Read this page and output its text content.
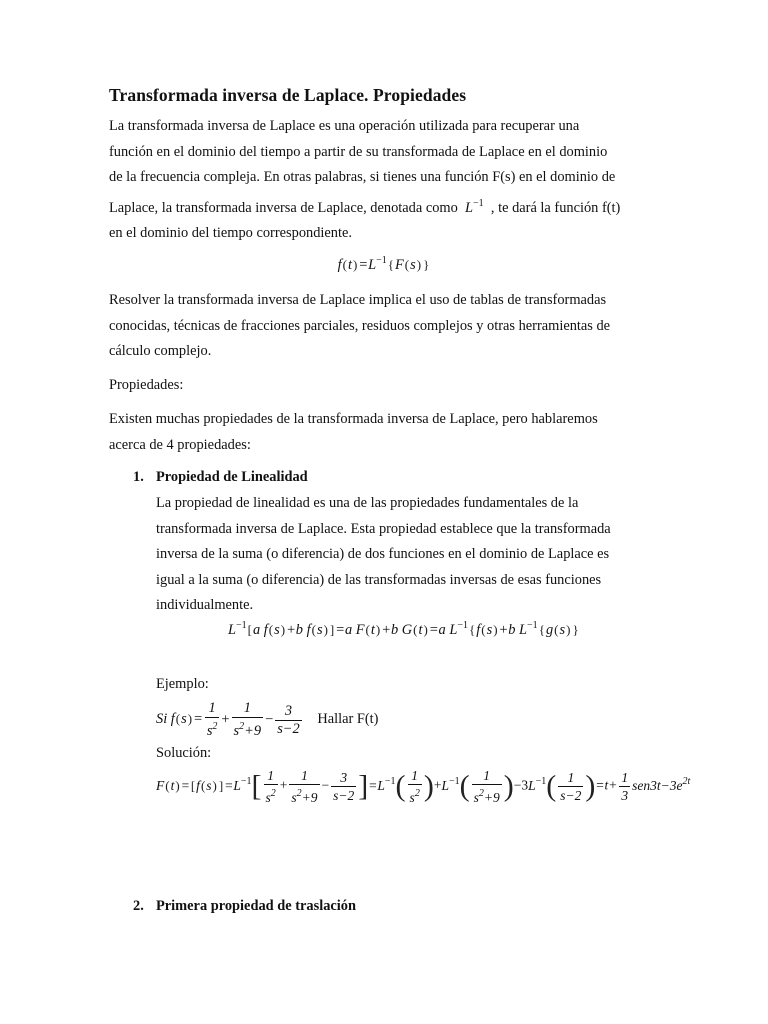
Transformada inversa de Laplace. Propiedades
La transformada inversa de Laplace es una operación utilizada para recuperar una
función en el dominio del tiempo a partir de su transformada de Laplace en el dominio
de la frecuencia compleja. En otras palabras, si tienes una función F(s) en el dominio de
Laplace, la transformada inversa de Laplace, denotada como  $L^{-1}$ , te dará la función f(t)
en el dominio del tiempo correspondiente.
$f(t)=L^{-1}\{F(s)$ }
Resolver la transformada inversa de Laplace implica el uso de tablas de transformadas
conocidas, técnicas de fracciones parciales, residuos complejos y otras herramientas de
cálculo complejo.
Propiedades:
Existen muchas propiedades de la transformada inversa de Laplace, pero hablaremos
acerca de 4 propiedades:
1. Propiedad de Linealidad
La propiedad de linealidad es una de las propiedades fundamentales de la
transformada inversa de Laplace. Esta propiedad establece que la transformada
inversa de la suma (o diferencia) de dos funciones en el dominio de Laplace es
igual a la suma (o diferencia) de las transformadas inversas de esas funciones
individualmente.
$L^{-1}[a$ f(s)+b f(s) ]=a F(t)+b G(t)=a $L^{-1}\{f(s)+b$ $L^{-1}\{g(s)$ }
Ejemplo:
Si $f(s)= \frac{1}{s^2} + \frac{1}{s^2+9} - \frac{3}{s-2}$ Hallar F(t)
Solución:
F(t)=[f(s) ]$=L^{-1}[ \frac{1}{s^2} + \frac{1}{s^2+9} - \frac{3}{s-2} ]=L^{-1}( \frac{1}{s^2} )+L^{-1}( \frac{1}{s^2+9} )-3L^{-1}( \frac{1}{s-2} )=t+ \frac{1}{3} sen3t-3e^{2t}$
2. Primera propiedad de traslación
